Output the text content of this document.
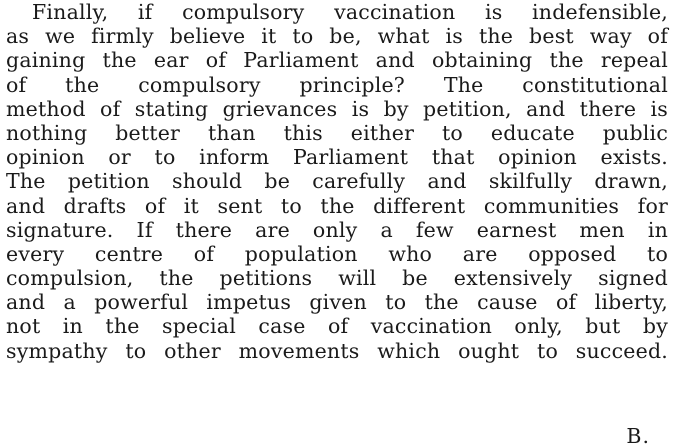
Finally, if compulsory vaccination is indefensible,
as we firmly believe it to be, what is the best way of
gaining the ear of Parliament and obtaining the repeal
of the compulsory principle? The constitutional
method of stating grievances is by petition, and there is
nothing better than this either to educate public
opinion or to inform Parliament that opinion exists.
The petition should be carefully and skilfully drawn,
and drafts of it sent to the different communities for
signature. If there are only a few earnest men in
every centre of population who are opposed to
compulsion, the petitions will be extensively signed
and a powerful impetus given to the cause of liberty,
not in the special case of vaccination only, but by
sympathy to other movements which ought to succeed.
B.
